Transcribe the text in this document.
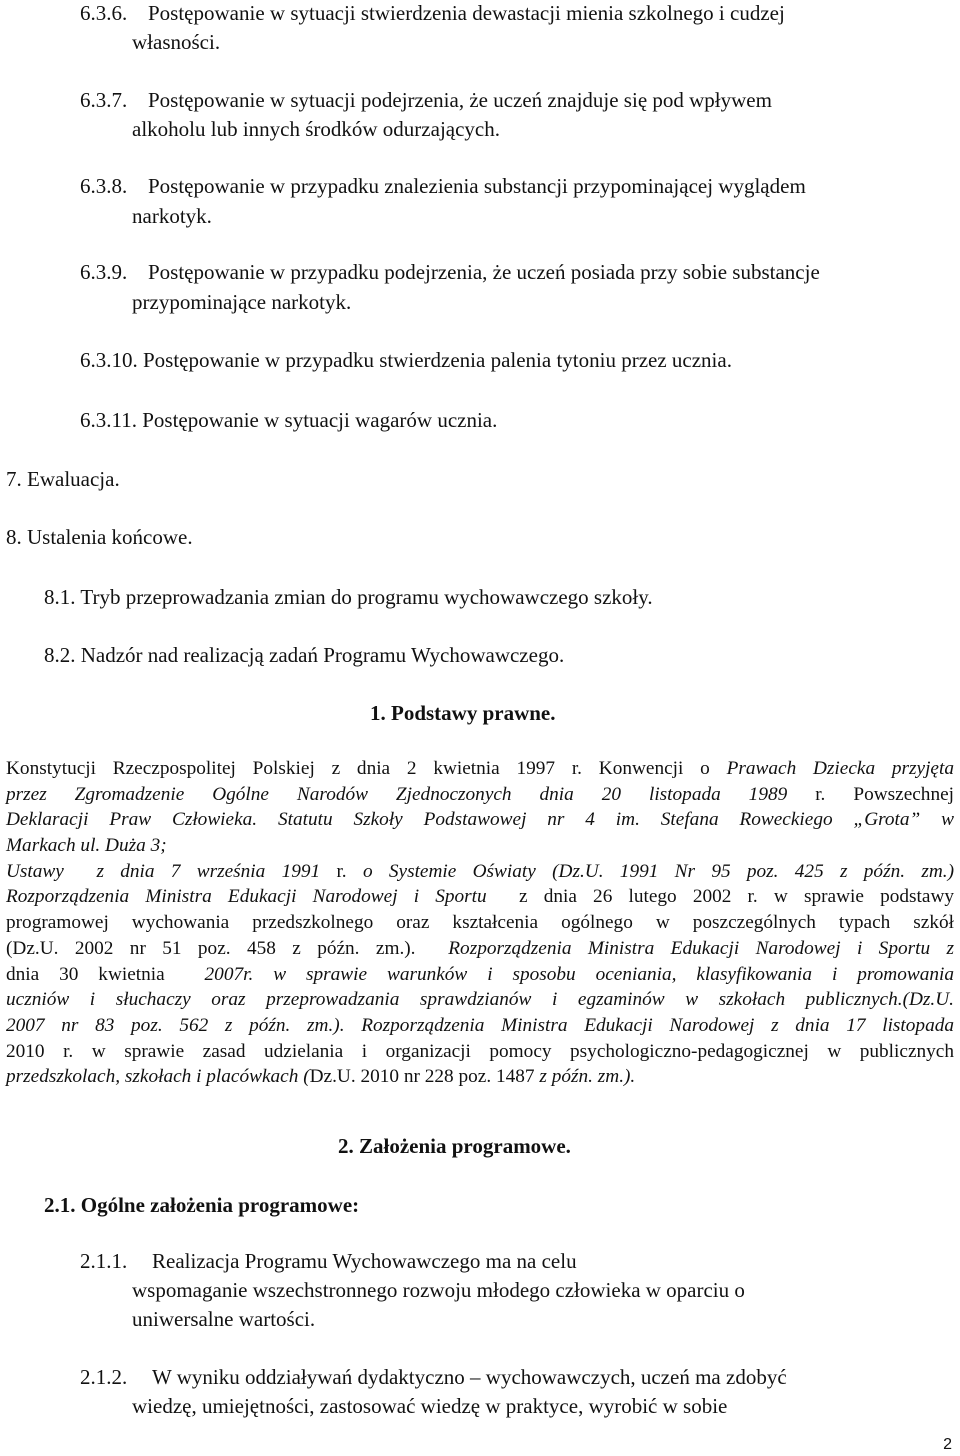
6.3.6. Postępowanie w sytuacji stwierdzenia dewastacji mienia szkolnego i cudzej
własności.
6.3.7. Postępowanie w sytuacji podejrzenia, że uczeń znajduje się pod wpływem
alkoholu lub innych środków odurzających.
6.3.8. Postępowanie w przypadku znalezienia substancji przypominającej wyglądem
narkotyk.
6.3.9. Postępowanie w przypadku podejrzenia, że uczeń posiada przy sobie substancje
przypominające narkotyk.
6.3.10. Postępowanie w przypadku stwierdzenia palenia tytoniu przez ucznia.
6.3.11. Postępowanie w sytuacji wagarów ucznia.
7. Ewaluacja.
8. Ustalenia końcowe.
8.1. Tryb przeprowadzania zmian do programu wychowawczego szkoły.
8.2. Nadzór nad realizacją zadań Programu Wychowawczego.
1. Podstawy prawne.
Konstytucji Rzeczpospolitej Polskiej z dnia 2 kwietnia 1997 r. Konwencji o Prawach Dziecka przyjęta
przez Zgromadzenie Ogólne Narodów Zjednoczonych dnia 20 listopada 1989 r. Powszechnej
Deklaracji Praw Człowieka. Statutu Szkoły Podstawowej nr 4 im. Stefana Roweckiego „Grota” w
Markach ul. Duża 3;
Ustawy z dnia 7 września 1991 r. o Systemie Oświaty (Dz.U. 1991 Nr 95 poz. 425 z późn. zm.)
Rozporządzenia Ministra Edukacji Narodowej i Sportu z dnia 26 lutego 2002 r. w sprawie podstawy
programowej wychowania przedszkolnego oraz kształcenia ogólnego w poszczególnych typach szkół
(Dz.U. 2002 nr 51 poz. 458 z późn. zm.). Rozporządzenia Ministra Edukacji Narodowej i Sportu z
dnia 30 kwietnia 2007r. w sprawie warunków i sposobu oceniania, klasyfikowania i promowania
uczniów i słuchaczy oraz przeprowadzania sprawdzianów i egzaminów w szkołach publicznych.(Dz.U.
2007 nr 83 poz. 562 z późn. zm.). Rozporządzenia Ministra Edukacji Narodowej z dnia 17 listopada
2010 r. w sprawie zasad udzielania i organizacji pomocy psychologiczno-pedagogicznej w publicznych
przedszkolach, szkołach i placówkach (Dz.U. 2010 nr 228 poz. 1487 z późn. zm.).
2. Założenia programowe.
2.1. Ogólne założenia programowe:
2.1.1. Realizacja Programu Wychowawczego ma na celu
wspomaganie wszechstronnego rozwoju młodego człowieka w oparciu o
uniwersalne wartości.
2.1.2. W wyniku oddziaływań dydaktyczno – wychowawczych, uczeń ma zdobyć
wiedzę, umiejętności, zastosować wiedzę w praktyce, wyrobić w sobie
2
